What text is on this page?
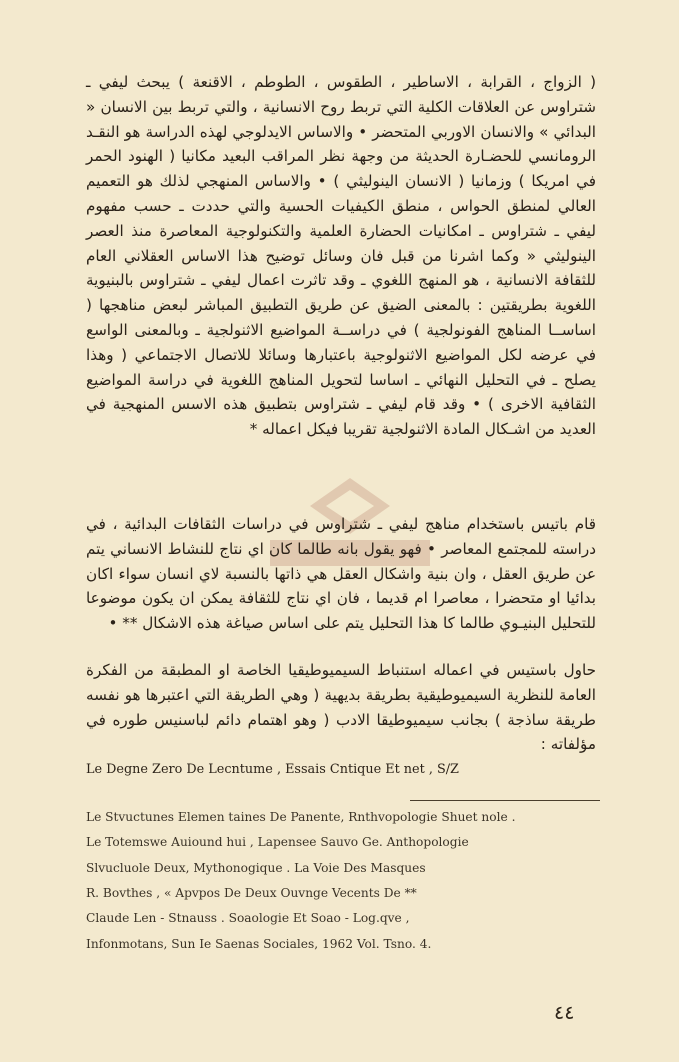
( الزواج ، القرابة ، الاساطير ، الطقوس ، الطوطم ، الاقنعة ) يبحث ليفي ـ شتراوس عن العلاقات الكلية التي تربط روح الانسانية ، والتي تربط بين الانسان « البدائي » والانسان الاوربي المتحضر • والاساس الايدلوجي لهذه الدراسة هو النقـد الرومانسي للحضـارة الحديثة من وجهة نظر المراقب البعيد مكانيا ( الهنود الحمر في امريكا ) وزمانيا ( الانسان الينوليثي ) • والاساس المنهجي لذلك هو التعميم العالي لمنطق الحواس ، منطق الكيفيات الحسية والتي حددت ـ حسب مفهوم ليفي ـ شتراوس ـ امكانيات الحضارة العلمية والتكنولوجية المعاصرة منذ العصر الينوليثي « وكما اشرنا من قبل فان وسائل توضيح هذا الاساس العقلاني العام للثقافة الانسانية ، هو المنهج اللغوي ـ وقد تاثرت اعمال ليفي ـ شتراوس بالبنيوية اللغوية بطريقتين : بالمعنى الضيق عن طريق التطبيق المباشر لبعض مناهجها ( اساســا المناهج الفونولجية ) في دراســة المواضيع الاثنولجية ـ وبالمعنى الواسع في عرضه لكل المواضيع الاثنولوجية باعتبارها وسائلا للاتصال الاجتماعي ( وهذا يصلح ـ في التحليل النهائي ـ اساسا لتحويل المناهج اللغوية في دراسة المواضيع الثقافية الاخرى ) • وقد قام ليفي ـ شتراوس بتطبيق هذه الاسس المنهجية في العديد من اشـكال المادة الاثنولجية تقريبا فيكل اعماله *

قام باتيس باستخدام مناهج ليفي ـ شتراوس في دراسات الثقافات البدائية ، في دراسته للمجتمع المعاصر • فهو يقول بانه طالما كان اي نتاج للنشاط الانساني يتم عن طريق العقل ، وان بنية واشكال العقل هي ذاتها بالنسبة لاي انسان سواء اكان بدائيا او متحضرا ، معاصرا ام قديما ، فان اي نتاج للثقافة يمكن ان يكون موضوعا للتحليل البنيـوي طالما كا هذا التحليل يتم على اساس صياغة هذه الاشكال ** •

حاول باستيس في اعماله استنباط السيميوطيقيا الخاصة او المطبقة من الفكرة العامة للنظرية السيميوطيقية بطريقة بديهية ( وهي الطريقة التي اعتبرها هو نفسه طريقة ساذجة ) بجانب سيميوطيقا الادب ( وهو اهتمام دائم لباسنيس طوره في مؤلفاته :

Le Degne Zero De Lecntume , Essais Cntique Et net , S/Z
Le Stvuctunes Elemen taines De Panente, Rnthvopologie Shuet nole .
Le Totemswe Auiound hui , Lapensee Sauvo Ge. Anthopologie
Slvucluole Deux, Mythonogique . La Voie Des Masques
R. Bovthes , « Apvpos De Deux Ouvnge Vecents De **
Claude Len - Stnauss . Soaologie Et Soao - Log.qve ,
Infonmotans, Sun Ie Saenas Sociales, 1962 Vol. Tsno. 4.
٤٤
